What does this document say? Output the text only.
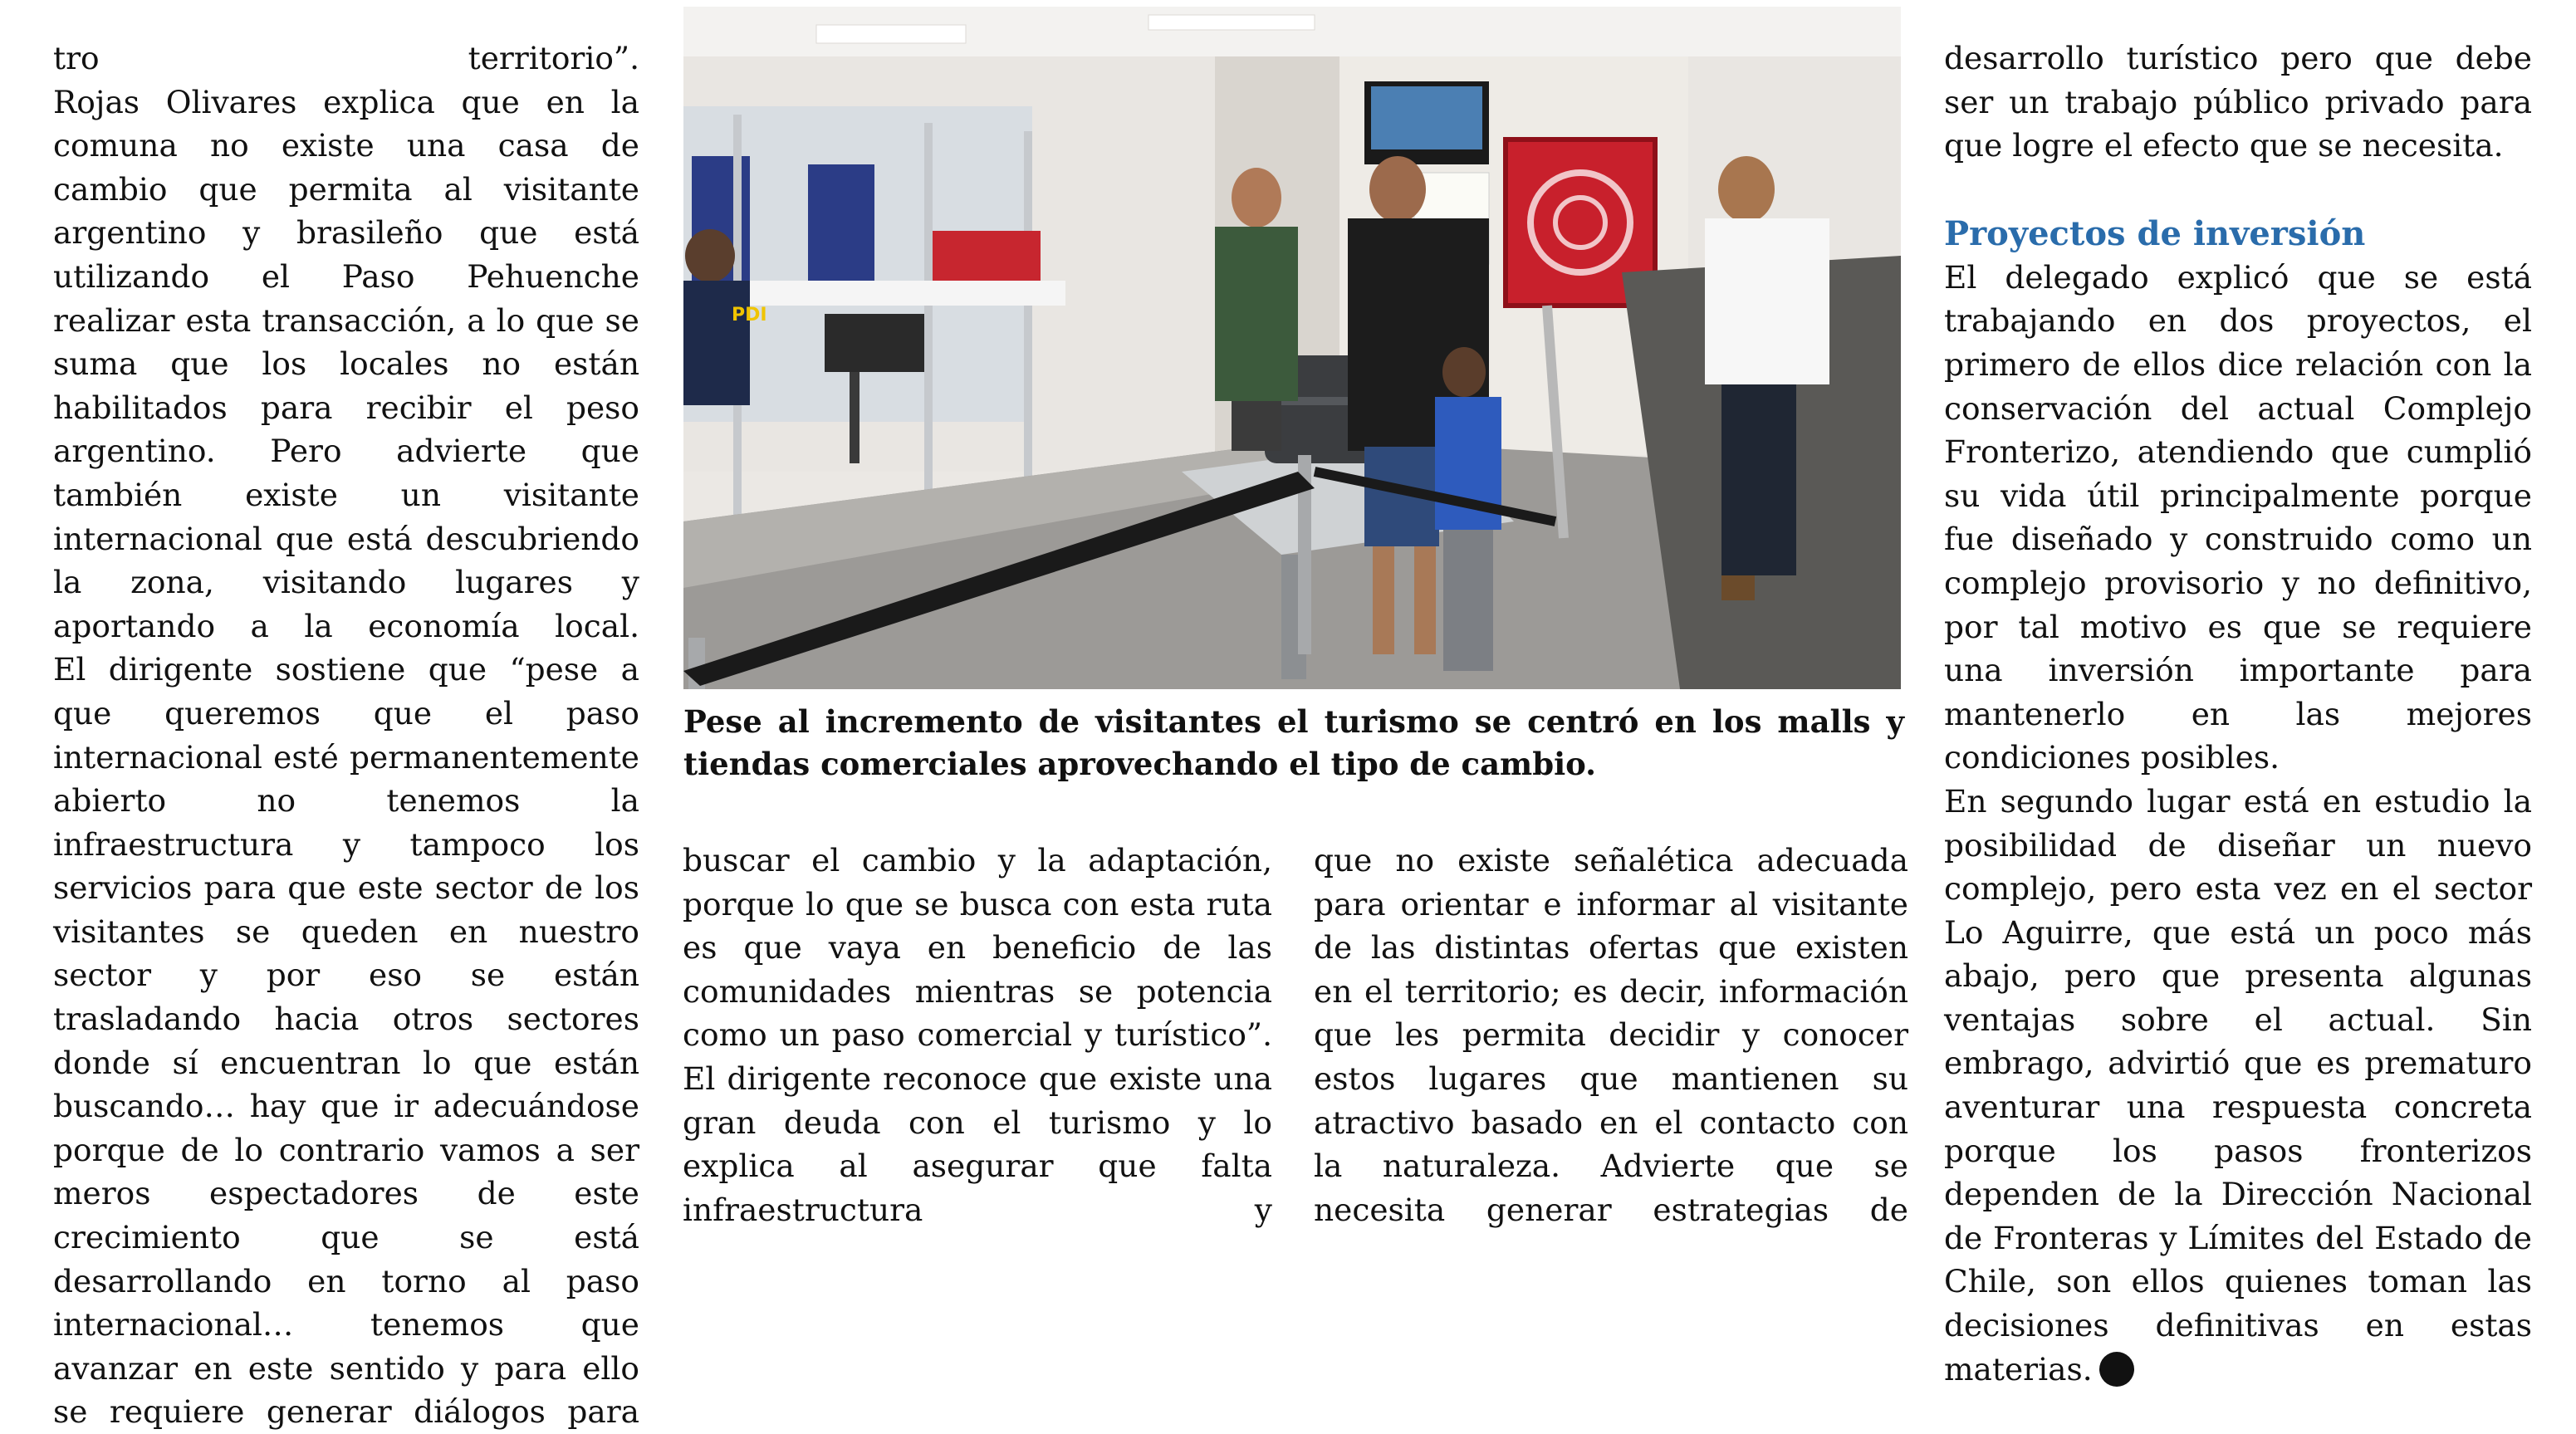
tro territorio”.

Rojas Olivares explica que en la comuna no existe una casa de cambio que permita al visitante argentino y brasileño que está utilizando el Paso Pehuenche realizar esta transacción, a lo que se suma que los locales no están habilitados para recibir el peso argentino. Pero advierte que también existe un visitante internacional que está descubriendo la zona, visitando lugares y aportando a la economía local.

El dirigente sostiene que “pese a que queremos que el paso internacional esté permanentemente abierto no tenemos la infraestructura y tampoco los servicios para que este sector de los visitantes se queden en nuestro sector y por eso se están trasladando hacia otros sectores donde sí encuentran lo que están buscando… hay que ir adecuándose porque de lo contrario vamos a ser meros espectadores de este crecimiento que se está desarrollando en torno al paso internacional… tenemos que avanzar en este sentido y para ello se requiere generar diálogos para

PDI

Pese al incremento de visitantes el turismo se centró en los malls y tiendas comerciales aprovechando el tipo de cambio.

buscar el cambio y la adaptación, porque lo que se busca con esta ruta es que vaya en beneficio de las comunidades mientras se potencia como un paso comercial y turístico”.

El dirigente reconoce que existe una gran deuda con el turismo y lo explica al asegurar que falta infraestructura y

que no existe señalética adecuada para orientar e informar al visitante de las distintas ofertas que existen en el territorio; es decir, información que les permita decidir y conocer estos lugares que mantienen su atractivo basado en el contacto con la naturaleza. Advierte que se necesita generar estrategias de

desarrollo turístico pero que debe ser un trabajo público privado para que logre el efecto que se necesita.

Proyectos de inversión

El delegado explicó que se está trabajando en dos proyectos, el primero de ellos dice relación con la conservación del actual Complejo Fronterizo, atendiendo que cumplió su vida útil principalmente porque fue diseñado y construido como un complejo provisorio y no definitivo, por tal motivo es que se requiere una inversión importante para mantenerlo en las mejores condiciones posibles.

En segundo lugar está en estudio la posibilidad de diseñar un nuevo complejo, pero esta vez en el sector Lo Aguirre, que está un poco más abajo, pero que presenta algunas ventajas sobre el actual. Sin embrago, advirtió que es prematuro aventurar una respuesta concreta porque los pasos fronterizos dependen de la Dirección Nacional de Fronteras y Límites del Estado de Chile, son ellos quienes toman las decisiones definitivas en estas materias.
